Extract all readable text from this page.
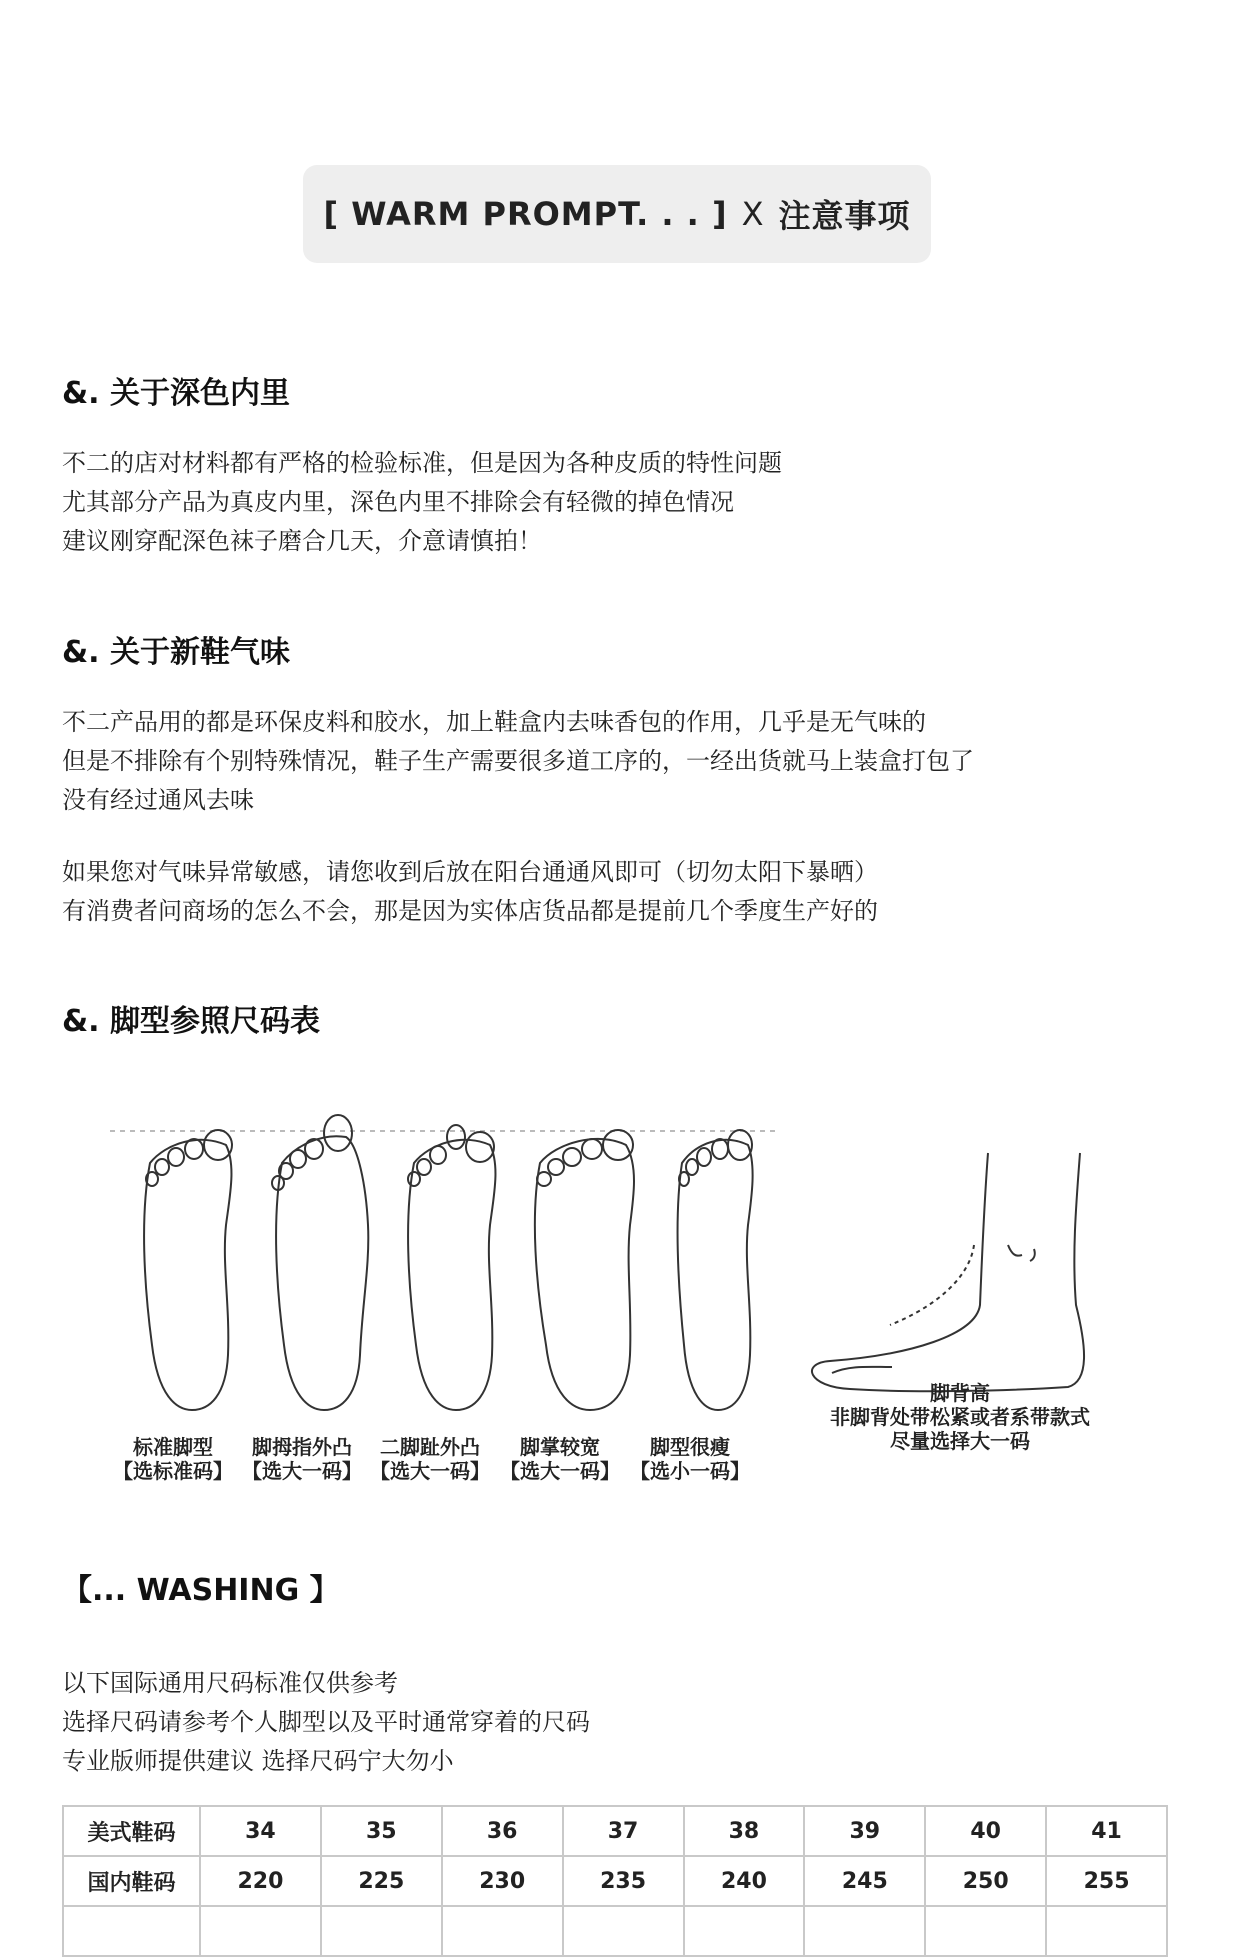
[ WARM PROMPT. . . ] X 注意事项
&. 关于深色内里
不二的店对材料都有严格的检验标准，但是因为各种皮质的特性问题
尤其部分产品为真皮内里，深色内里不排除会有轻微的掉色情况
建议刚穿配深色袜子磨合几天，介意请慎拍！
&. 关于新鞋气味
不二产品用的都是环保皮料和胶水，加上鞋盒内去味香包的作用，几乎是无气味的
但是不排除有个别特殊情况，鞋子生产需要很多道工序的，一经出货就马上装盒打包了
没有经过通风去味
如果您对气味异常敏感，请您收到后放在阳台通通风即可（切勿太阳下暴晒）
有消费者问商场的怎么不会，那是因为实体店货品都是提前几个季度生产好的
&. 脚型参照尺码表
标准脚型
【选标准码】
脚拇指外凸
【选大一码】
二脚趾外凸
【选大一码】
脚掌较宽
【选大一码】
脚型很瘦
【选小一码】
脚背高
非脚背处带松紧或者系带款式
尽量选择大一码
【... WASHING 】
以下国际通用尺码标准仅供参考
选择尺码请参考个人脚型以及平时通常穿着的尺码
专业版师提供建议 选择尺码宁大勿小
美式鞋码	34	35	36	37	38	39	40	41
国内鞋码	220	225	230	235	240	245	250	255
